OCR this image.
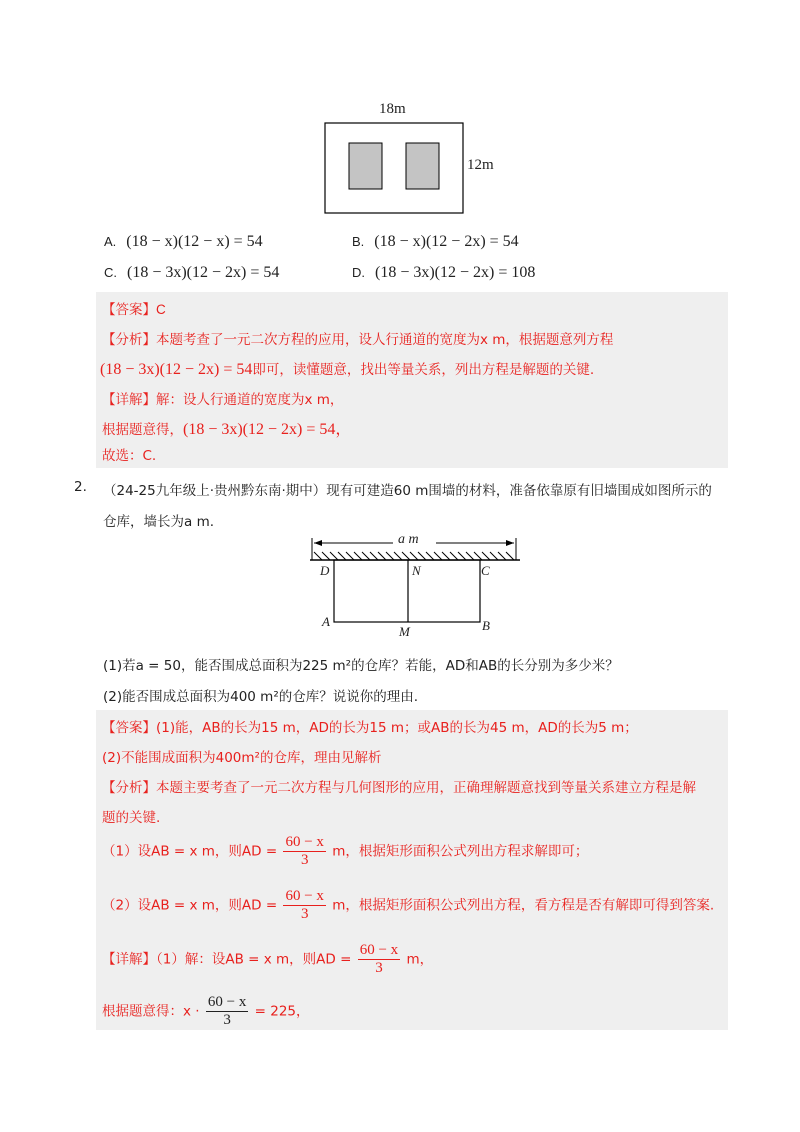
18m
12m
A. (18 − x)(12 − x) = 54	B. (18 − x)(12 − 2x) = 54
C. (18 − 3x)(12 − 2x) = 54	D. (18 − 3x)(12 − 2x) = 108
【答案】C
【分析】本题考查了一元二次方程的应用，设人行通道的宽度为x m，根据题意列方程
(18 − 3x)(12 − 2x) = 54即可，读懂题意，找出等量关系，列出方程是解题的关键.
【详解】解：设人行通道的宽度为x m，
根据题意得，(18 − 3x)(12 − 2x) = 54，
故选：C.
2. （24-25九年级上·贵州黔东南·期中）现有可建造60 m围墙的材料，准备依靠原有旧墙围成如图所示的
仓库，墙长为a m.
a m
D	N	C
A
M	B
(1)若a = 50，能否围成总面积为225 m²的仓库？若能，AD和AB的长分别为多少米？
(2)能否围成总面积为400 m²的仓库？说说你的理由.
【答案】(1)能，AB的长为15 m，AD的长为15 m；或AB的长为45 m，AD的长为5 m；
(2)不能围成面积为400m²的仓库，理由见解析
【分析】本题主要考查了一元二次方程与几何图形的应用，正确理解题意找到等量关系建立方程是解
题的关键.
（1）设AB = x m，则AD = $\frac{60 - x}{3}$ m，根据矩形面积公式列出方程求解即可；
（2）设AB = x m，则AD = $\frac{60 - x}{3}$ m，根据矩形面积公式列出方程，看方程是否有解即可得到答案.
【详解】（1）解：设AB = x m，则AD = $\frac{60 - x}{3}$ m，
根据题意得：$x \cdot \frac{60 - x}{3} = 225$，
